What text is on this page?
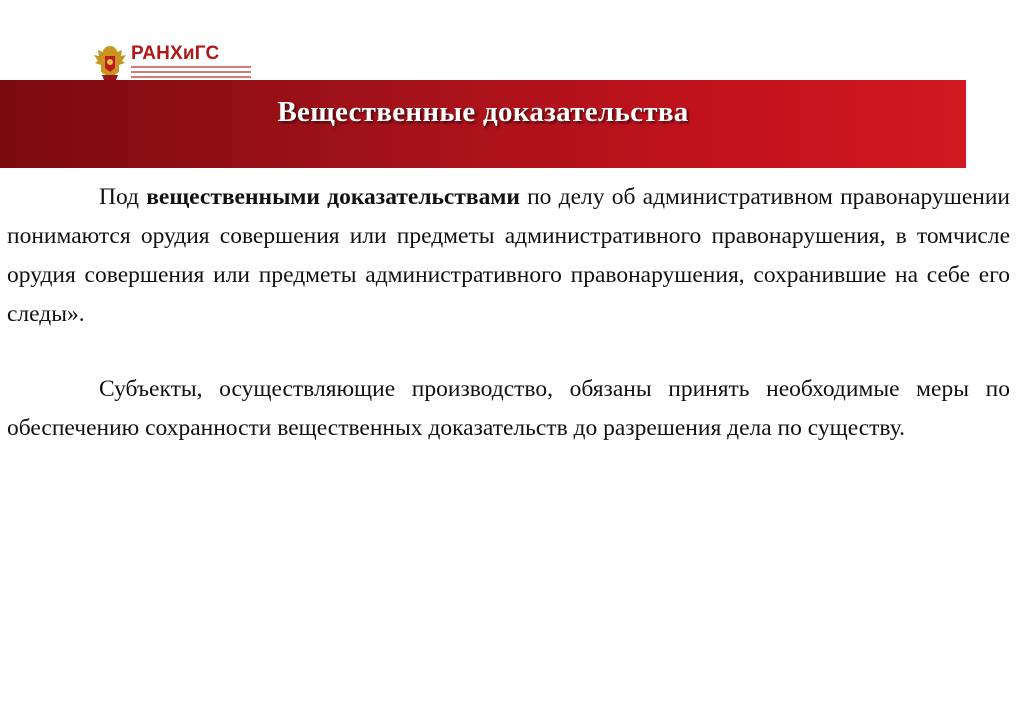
РАНХиГС
Вещественные доказательства

Под вещественными доказательствами по делу об административном правонарушении понимаются орудия совершения или предметы административного правонарушения, в томчисле орудия совершения или предметы административного правонарушения, сохранившие на себе его следы».

Субъекты, осуществляющие производство, обязаны принять необходимые меры по обеспечению сохранности вещественных доказательств до разрешения дела по существу.
